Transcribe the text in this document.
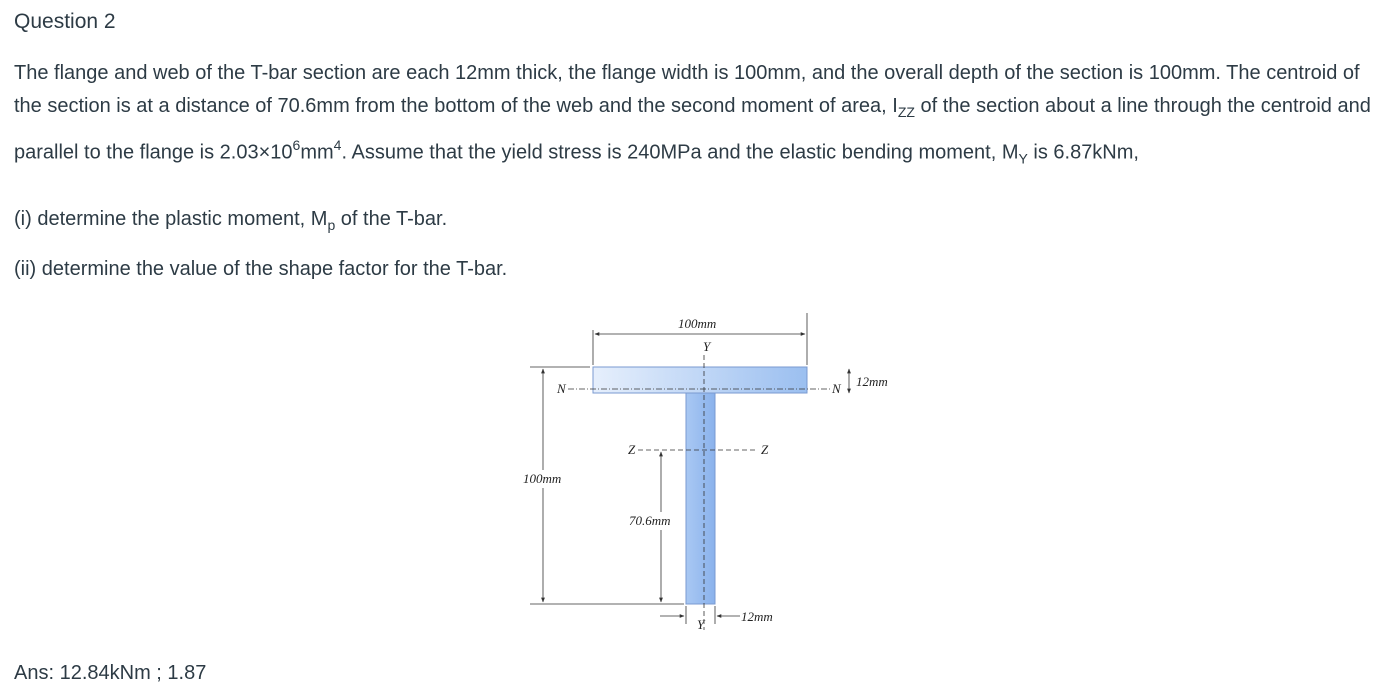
Question 2

The flange and web of the T-bar section are each 12mm thick, the flange width is 100mm, and the overall depth of the section is 100mm. The centroid of the section is at a distance of 70.6mm from the bottom of the web and the second moment of area, $I_{ZZ}$ of the section about a line through the centroid and parallel to the flange is $2.03\times 10^6mm^4$. Assume that the yield stress is 240MPa and the elastic bending moment, $M_Y$ is 6.87kNm,

(i) determine the plastic moment, $M_p$ of the T-bar.

(ii) determine the value of the shape factor for the T-bar.

100mm
Y
Y
N	N 12mm
Z	Z
100mm
70.6mm
12mm

Ans: 12.84kNm ; 1.87
